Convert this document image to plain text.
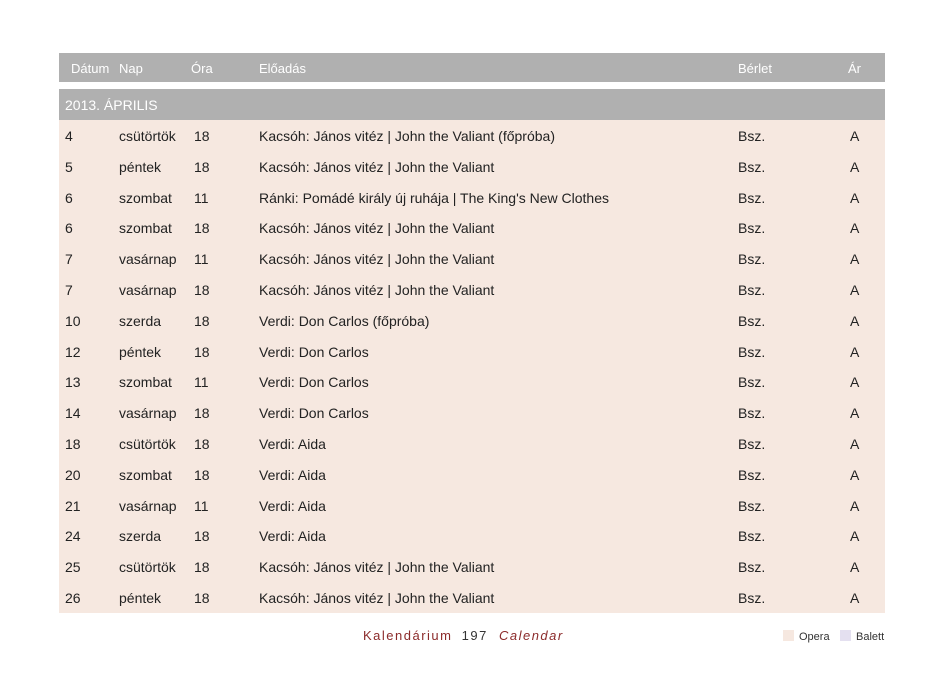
Dátum Nap	Óra	Előadás	Bérlet	Ár
2013. ÁPRILIS
4	csütörtök 18	Kacsóh: János vitéz | John the Valiant (főpróba)	Bsz.	A
5	péntek 18	Kacsóh: János vitéz | John the Valiant	Bsz.	A
6	szombat 11	Ránki: Pomádé király új ruhája | The King's New Clothes	Bsz.	A
6	szombat 18	Kacsóh: János vitéz | John the Valiant	Bsz.	A
7	vasárnap 11	Kacsóh: János vitéz | John the Valiant	Bsz.	A
7	vasárnap 18	Kacsóh: János vitéz | John the Valiant	Bsz.	A
10	szerda 18	Verdi: Don Carlos (főpróba)	Bsz.	A
12	péntek 18	Verdi: Don Carlos	Bsz.	A
13	szombat 11	Verdi: Don Carlos	Bsz.	A
14	vasárnap 18	Verdi: Don Carlos	Bsz.	A
18	csütörtök 18	Verdi: Aida	Bsz.	A
20	szombat 18	Verdi: Aida	Bsz.	A
21	vasárnap 11	Verdi: Aida	Bsz.	A
24	szerda 18	Verdi: Aida	Bsz.	A
25	csütörtök 18	Kacsóh: János vitéz | John the Valiant	Bsz.	A
26	péntek 18	Kacsóh: János vitéz | John the Valiant	Bsz.	A
Kalendárium 197 Calendar	Opera	Balett
